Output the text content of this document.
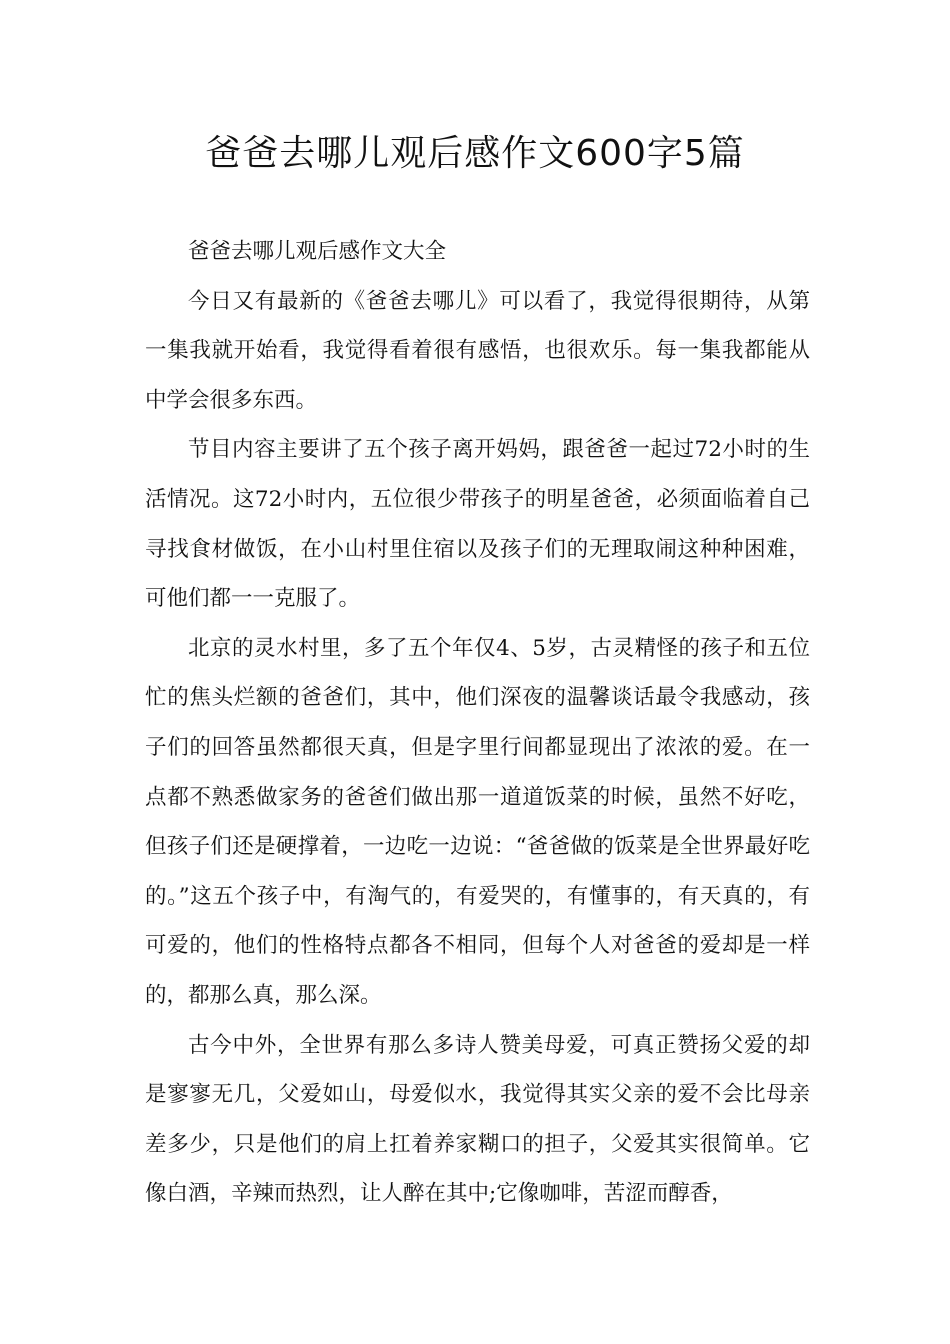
爸爸去哪儿观后感作文600字5篇

爸爸去哪儿观后感作文大全

今日又有最新的《爸爸去哪儿》可以看了，我觉得很期待，从第一集我就开始看，我觉得看着很有感悟，也很欢乐。每一集我都能从中学会很多东西。

节目内容主要讲了五个孩子离开妈妈，跟爸爸一起过72小时的生活情况。这72小时内，五位很少带孩子的明星爸爸，必须面临着自己寻找食材做饭，在小山村里住宿以及孩子们的无理取闹这种种困难，可他们都一一克服了。

北京的灵水村里，多了五个年仅4、5岁，古灵精怪的孩子和五位忙的焦头烂额的爸爸们，其中，他们深夜的温馨谈话最令我感动，孩子们的回答虽然都很天真，但是字里行间都显现出了浓浓的爱。在一点都不熟悉做家务的爸爸们做出那一道道饭菜的时候，虽然不好吃，但孩子们还是硬撑着，一边吃一边说：“爸爸做的饭菜是全世界最好吃的。”这五个孩子中，有淘气的，有爱哭的，有懂事的，有天真的，有可爱的，他们的性格特点都各不相同，但每个人对爸爸的爱却是一样的，都那么真，那么深。

古今中外，全世界有那么多诗人赞美母爱，可真正赞扬父爱的却是寥寥无几，父爱如山，母爱似水，我觉得其实父亲的爱不会比母亲差多少，只是他们的肩上扛着养家糊口的担子，父爱其实很简单。它像白酒，辛辣而热烈，让人醉在其中;它像咖啡，苦涩而醇香，
